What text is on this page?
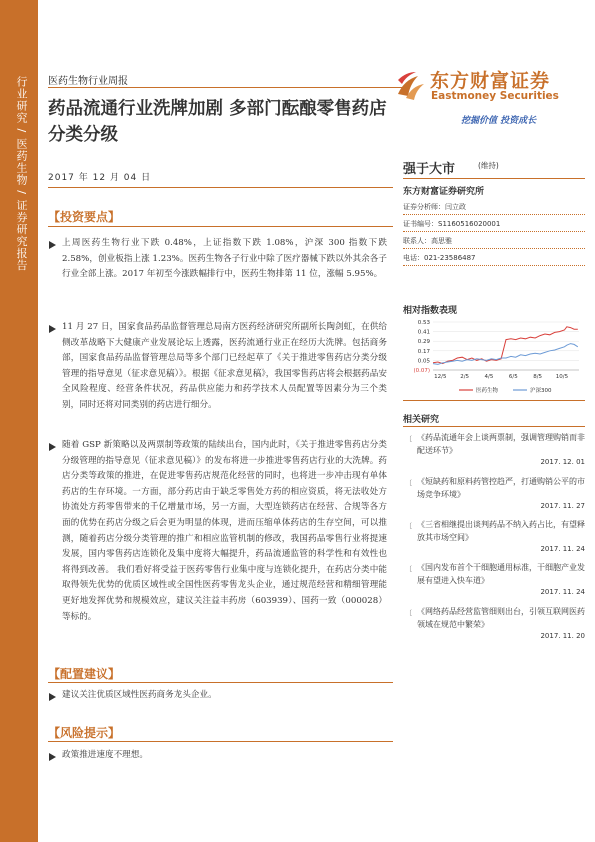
行业研究 / 医药生物 / 证券研究报告 医药生物行业周报
药品流通行业洗牌加剧 多部门酝酿零售药店分类分级
2017 年 12 月 04 日
东方财富证券
Eastmoney Securities
挖掘价值 投资成长
【投资要点】
上周医药生物行业下跌 0.48%，上证指数下跌 1.08%，沪深 300 指数下跌 2.58%，创业板指上涨 1.23%。医药生物各子行业中除了医疗器械下跌以外其余各子行业全部上涨。2017 年初至今涨跌幅排行中，医药生物排第 11 位，涨幅 5.95%。
11 月 27 日，国家食品药品监督管理总局南方医药经济研究所副所长陶剑虹，在供给侧改革战略下大健康产业发展论坛上透露，医药流通行业正在经历大洗牌。包括商务部，国家食品药品监督管理总局等多个部门已经起草了《关于推进零售药店分类分级管理的指导意见（征求意见稿）》。根据《征求意见稿》，我国零售药店将会根据药品安全风险程度、经营条件状况，药品供应能力和药学技术人员配置等因素分为三个类别，同时还将对同类别的药店进行细分。
随着 GSP 新策略以及两票制等政策的陆续出台，国内此时，《关于推进零售药店分类分级管理的指导意见（征求意见稿）》的发布将进一步推进零售药店行业的大洗牌。药店分类等政策的推进，在促进零售药店规范化经营的同时，也将进一步冲击现有单体药店的生存环境。一方面，部分药店由于缺乏零售处方药的相应资质，将无法收处方协流处方药零售带来的千亿增量市场，另一方面，大型连锁药店在经营、合规等各方面的优势在药店分级之后会更为明显的体现，进而压缩单体药店的生存空间，可以推测，随着药店分级分类管理的推广和相应监管机制的修改，我国药品零售行业将提速发展，国内零售药店连锁化及集中度将大幅提升，药品流通监管的科学性和有效性也将得到改善。 我们看好将受益于医药零售行业集中度与连锁化提升，在药店分类中能取得领先优势的优质区域性或全国性医药零售龙头企业，通过规范经营和精细管理能更好地发挥优势和规模效应，建议关注益丰药房（603939）、国药一致（000028）等标的。
【配置建议】
建议关注优质区域性医药商务龙头企业。
【风险提示】
政策推进速度不理想。
强于大市	(维持)
东方财富证券研究所
证券分析师：闫立政
证书编号：S1160516020001
联系人：高思雅
电话：021-23586487
相对指数表现
0.53
0.41
0.29
0.17
0.05
(0.07)
12/5 2/5	4/5	6/5	8/5 10/5
医药生物	沪深300
相关研究
〔 《药品流通年会上谈两票制，强调管理购销而非配送环节》
2017. 12. 01
〔 《短缺药和原料药管控趋严，打通购销公平的市场竞争环境》
2017. 11. 27
〔 《三省相继提出谈判药品不纳入药占比，有望释放其市场空间》
2017. 11. 24
〔 《国内发布首个干细胞通用标准，干细胞产业发展有望进入快车道》
2017. 11. 24
〔 《网络药品经营监管细则出台，引领互联网医药领域在规范中繁荣》
2017. 11. 20
